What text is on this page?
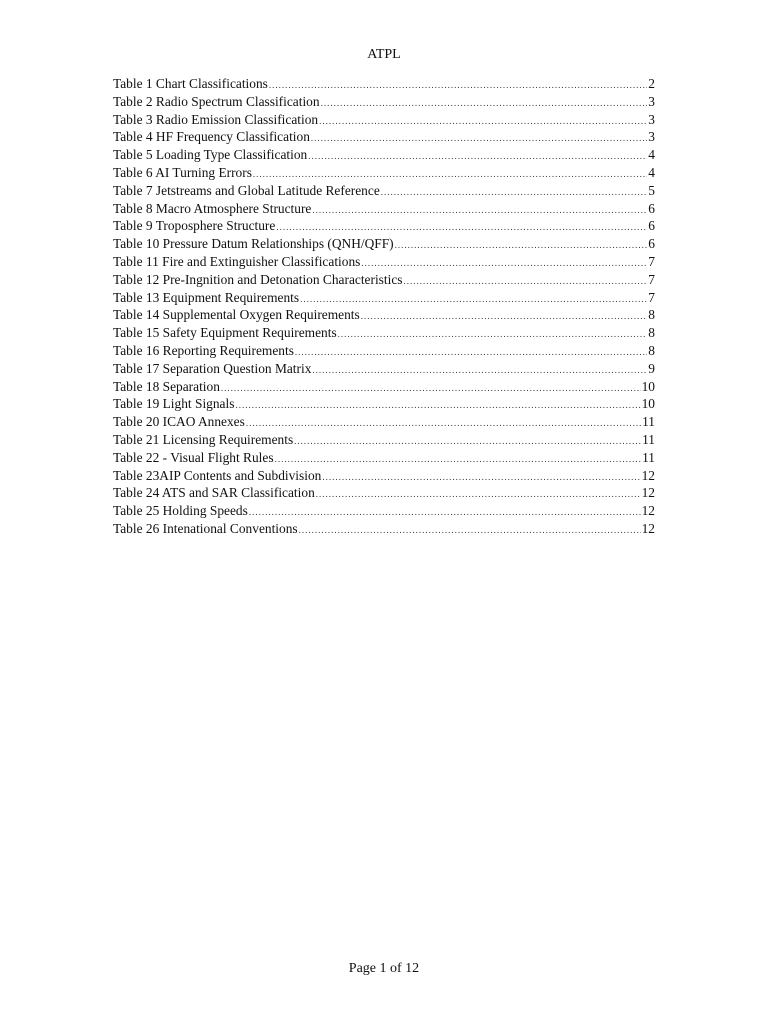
ATPL
Table 1 Chart Classifications .....	2
Table 2 Radio Spectrum Classification .....	3
Table 3 Radio Emission Classification .....	3
Table 4 HF Frequency Classification .....	3
Table 5 Loading Type Classification .....	4
Table 6 AI Turning Errors .....	4
Table 7 Jetstreams and Global Latitude Reference .....	5
Table 8 Macro Atmosphere Structure .....	6
Table 9 Troposphere Structure .....	6
Table 10 Pressure Datum Relationships (QNH/QFF) .....	6
Table 11 Fire and Extinguisher Classifications .....	7
Table 12 Pre-Ingnition and Detonation Characteristics .....	7
Table 13 Equipment Requirements .....	7
Table 14 Supplemental Oxygen Requirements .....	8
Table 15 Safety Equipment Requirements .....	8
Table 16 Reporting Requirements .....	8
Table 17 Separation Question Matrix .....	9
Table 18 Separation .....	10
Table 19 Light Signals .....	10
Table 20 ICAO Annexes .....	11
Table 21 Licensing Requirements .....	11
Table 22 - Visual Flight Rules .....	11
Table 23AIP Contents and Subdivision .....	12
Table 24 ATS and SAR Classification .....	12
Table 25 Holding Speeds .....	12
Table 26 Intenational Conventions .....	12
Page 1 of 12
